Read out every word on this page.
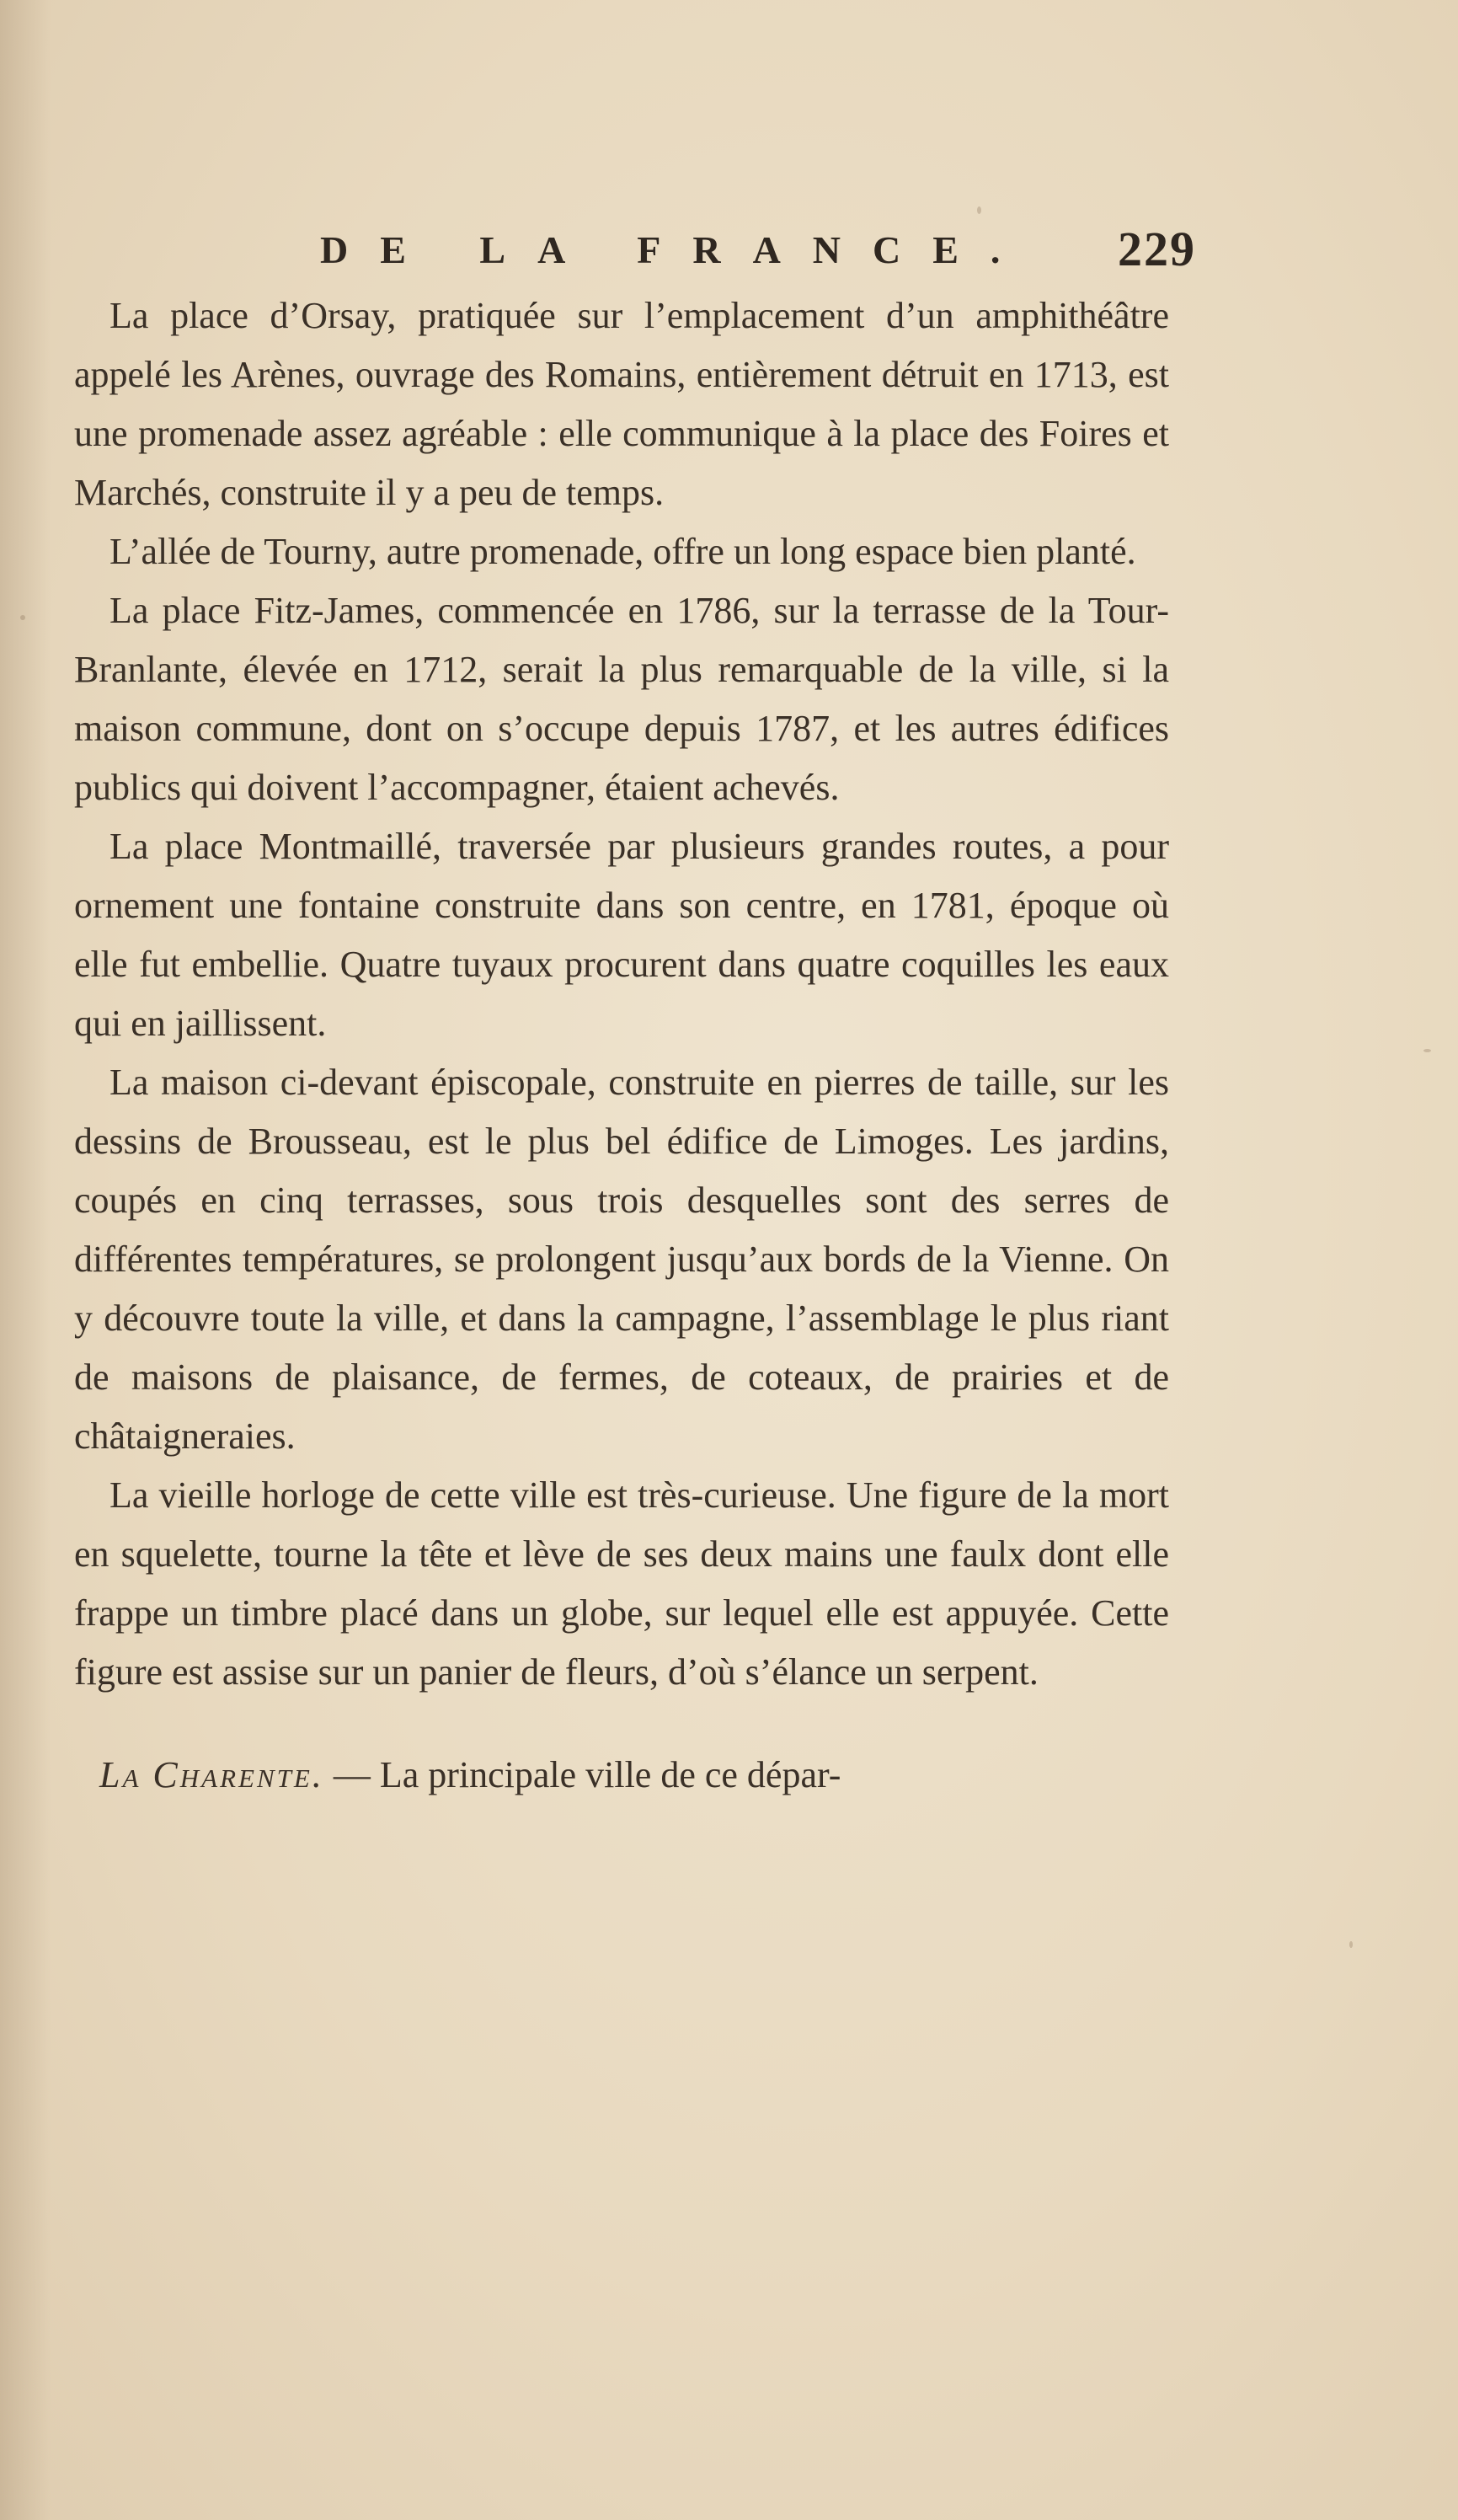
DE LA FRANCE. 229

La place d’Orsay, pratiquée sur l’emplacement d’un amphithéâtre appelé les Arènes, ouvrage des Romains, entièrement détruit en 1713, est une promenade assez agréable : elle communique à la place des Foires et Marchés, construite il y a peu de temps.

L’allée de Tourny, autre promenade, offre un long espace bien planté.

La place Fitz-James, commencée en 1786, sur la terrasse de la Tour-Branlante, élevée en 1712, serait la plus remarquable de la ville, si la maison commune, dont on s’occupe depuis 1787, et les autres édifices publics qui doivent l’accompagner, étaient achevés.

La place Montmaillé, traversée par plusieurs grandes routes, a pour ornement une fontaine construite dans son centre, en 1781, époque où elle fut embellie. Quatre tuyaux procurent dans quatre coquilles les eaux qui en jaillissent.

La maison ci-devant épiscopale, construite en pierres de taille, sur les dessins de Brousseau, est le plus bel édifice de Limoges. Les jardins, coupés en cinq terrasses, sous trois desquelles sont des serres de différentes températures, se prolongent jusqu’aux bords de la Vienne. On y découvre toute la ville, et dans la campagne, l’assemblage le plus riant de maisons de plaisance, de fermes, de coteaux, de prairies et de châtaigneraies.

La vieille horloge de cette ville est très-curieuse. Une figure de la mort en squelette, tourne la tête et lève de ses deux mains une faulx dont elle frappe un timbre placé dans un globe, sur lequel elle est appuyée. Cette figure est assise sur un panier de fleurs, d’où s’élance un serpent.

La Charente. — La principale ville de ce dépar-
